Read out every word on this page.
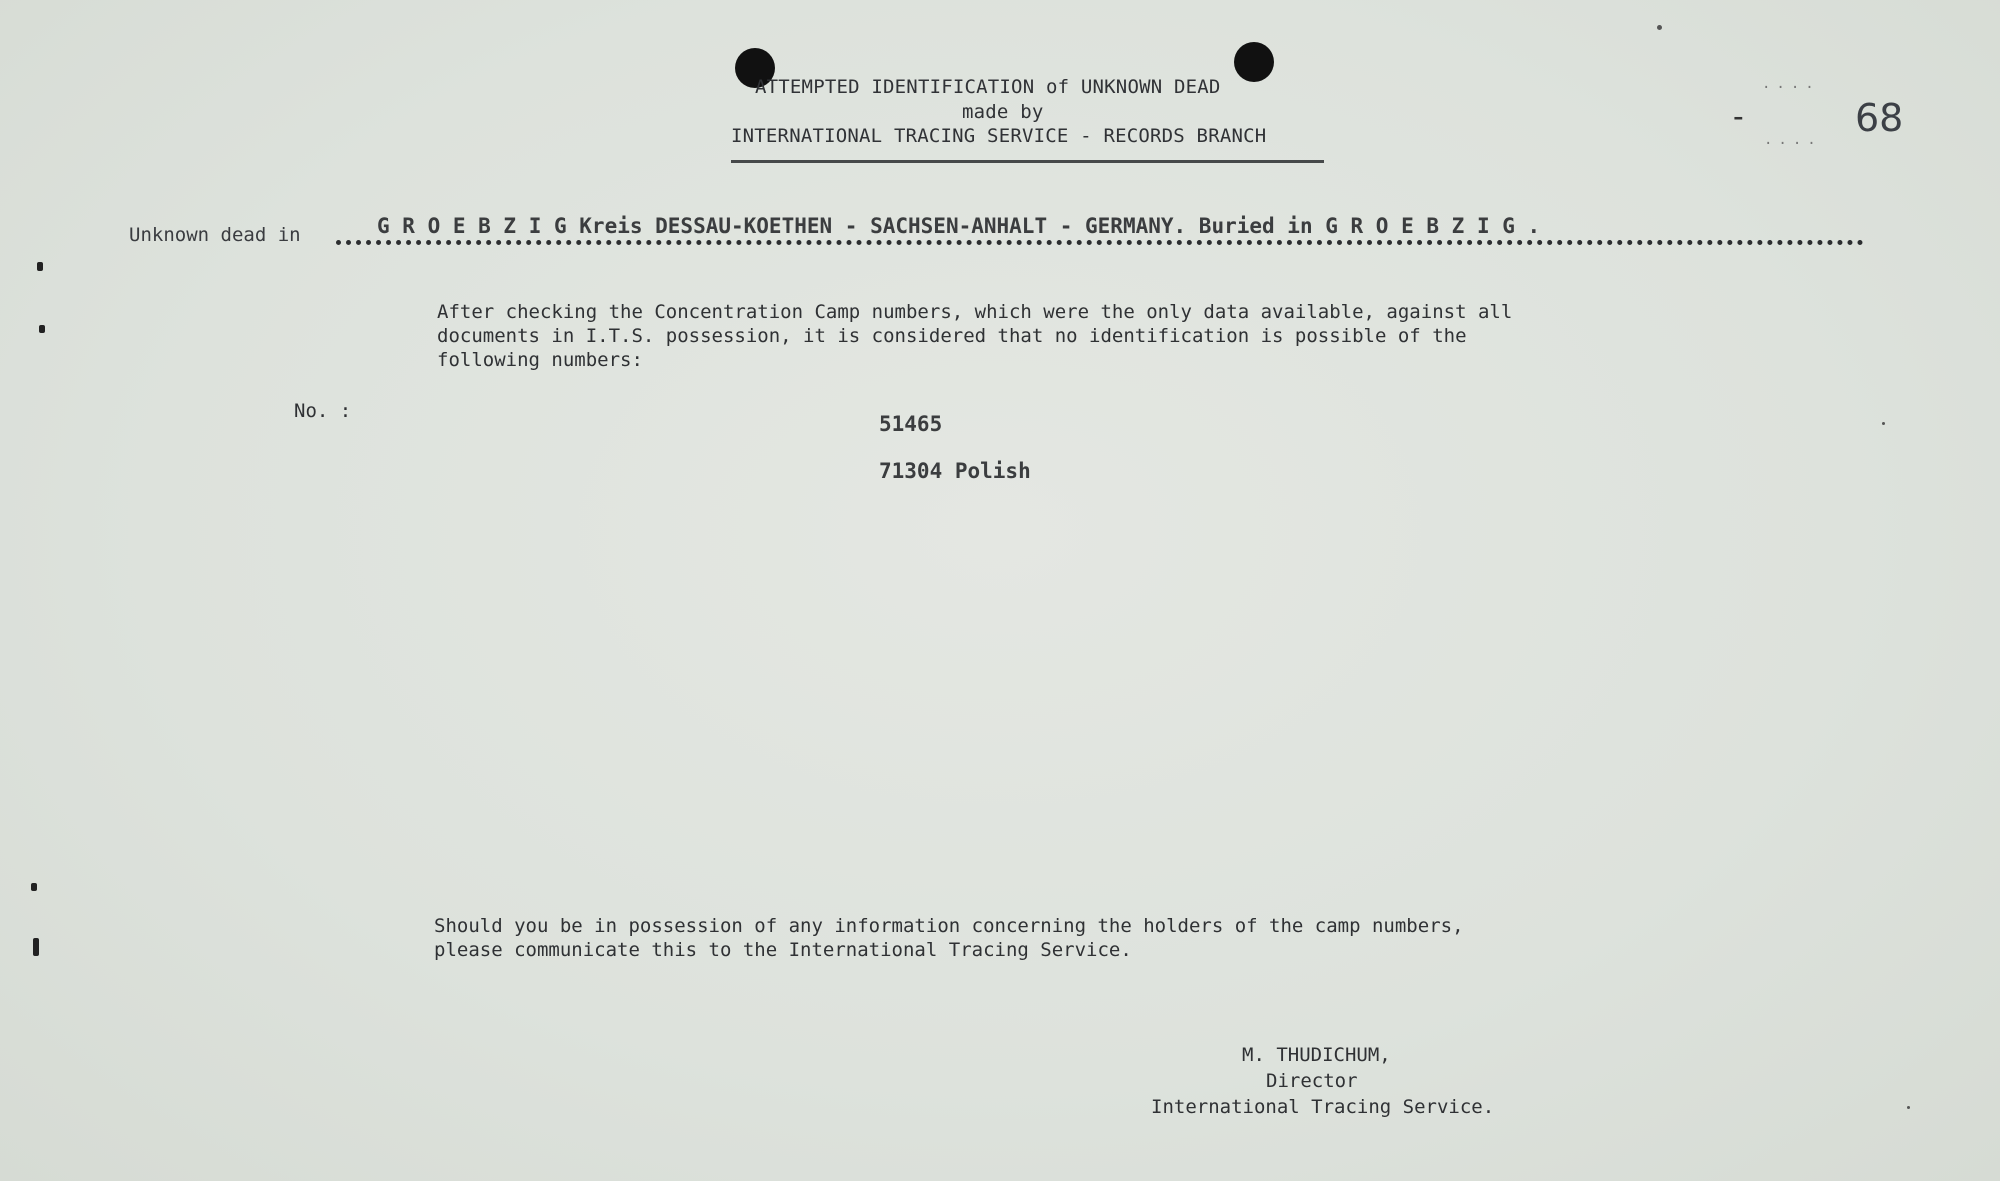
ATTEMPTED IDENTIFICATION of UNKNOWN DEAD
made by
INTERNATIONAL TRACING SERVICE - RECORDS BRANCH
····
-
····
68
Unknown dead in	G R O E B Z I G Kreis DESSAU-KOETHEN - SACHSEN-ANHALT - GERMANY. Buried in G R O E B Z I G .
After checking the Concentration Camp numbers, which were the only data available, against all
documents in I.T.S. possession, it is considered that no identification is possible of the
following numbers:
No. :
51465
71304 Polish
Should you be in possession of any information concerning the holders of the camp numbers,
please communicate this to the International Tracing Service.
M. THUDICHUM,
Director
International Tracing Service.
